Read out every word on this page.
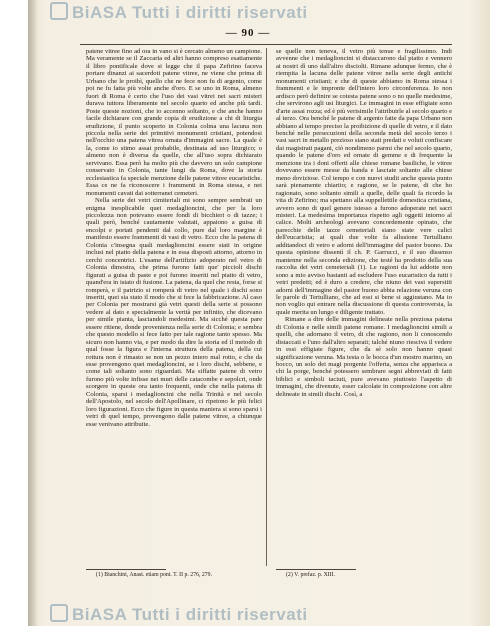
BiASA Tutti i diritti riservati
— 90 —

patene vitree fino ad ora in vano si è cercato almeno un campione. Ma veramente se il Zaccaria ed altri hanno compreso esattamente il libro pontificale dove si legge che il papa Zefirino faceva portare dinanzi ai sacerdoti patene vitree, ne viene che prima di Urbano che le proibì, quello che ne fece non fu di argento, come poi ne fu fatta più volte anche d'oro. E se uno in Roma, almeno fuori di Roma è certo che l'uso dei vasi vitrei nei sacri misteri durava tuttora liberamente nel secolo quarto ed anche più tardi. Poste queste nozioni, che io accenno soltanto, e che anche hanno facile dichiarare con grande copia di erudizione a chi di liturgia erudizione, il punto scoperto in Colonia colma una lacuna non piccola nella serie dei primitivi monumenti cristiani, potendosi nell'occhio una patena vitrea ornata d'immagini sacre. La quale è la, come io stimo assai probabile, destinata ad uso liturgico; o almeno non è diversa da quelle, che all'uso sopra dichiarato servivano. Essa però ha molto più che davvero un solo campione conservato in Colonia, tante lungi da Roma, dove la storia ecclesiastica fa speciale menzione delle patene vitree eucaristiche. Essa ce ne fa riconoscere i frammenti in Roma stessa, e nei monumenti cavati dai sotterranei cemeteri.

Nella serie dei vetri cimiteriali mi sono sempre sembrati un enigma inesplicabile quei medaglioncini, che per la loro piccolezza non potevano essere fondi di bicchieri o di tazze; i quali però, benché cautamente valutati, appaiono a guisa di encolpi e portati pendenti dal collo, pure dal loro margine è manifesto essere frammenti di vasi di vetro. Ecco che la patena di Colonia c'insegna quali medaglioncini essere stati in origine inclusi nel piatto della patena e in essa disposti attorno, attorno in cerchi concentrici. L'esame dell'artifizio adoperato nel vetro di Colonia dimostra, che prima furono fatti que' piccioli dischi figurati a guisa di paste e poi furono inseriti nel piatto di vetro, quand'era in istato di fusione. La patena, da quel che resta, forse si romperà, e il patrizio si romperà di vetro nel quale i dischi sono inseriti, quei sia stato il modo che si fece la fabbricazione. Al caso per Colonia per mostrarsi già vetri questi della serie si possono vedere al dato e specialmente la verità per infinito, che dicevano per simile pianta, lasciandoli medesimi. Ma sicché questa pare essere ritiene, donde provenienza nella serie di Colonia; e sembra che questo modello si fece fatto per tale ragione tanto spesso. Ma sicuro non hanno via, e per modo da dire la storia ed il metodo di qual fosse la figura e l'interna struttura della patena, della cui rottura non è rimasto se non un pezzo intero mal rotto, e che da esse provengono quei medaglioncini, se i loro dischi, sebbene, e come tali soltanto sono riguardati. Ma siffatte patene di vetro furono più volte infisse nei muri delle catacombe e sepolcri, onde scorgere in queste ora tanto frequenti, onde che nella patena di Colonia, sparsi i medaglioncini che nella Trinità e nel secolo dell'Apostolo, nel secolo dell'Apollinare, ci ripetono le più felici loro figurazioni. Ecco che figure in questa maniera si sono sparsi i vetri di quel tempo, provengono dalle patene vitree, a chiunque esse venivano attribuite.

se quelle non teneva, il vetro più tenue e fragilissimo. Indi avvenne che i medaglioncini si distaccarono dal piatto e vennero ai nostri dì uno dall'altro disciolti. Rimane adunque fermo, che è riempita la lacuna delle patene vitree nella serie degli antichi monumenti cristiani; e che di queste abbiamo in Roma stessa i frammenti e le impronte dell'intero loro circonferenza. Io non ardisco però definire se cotesta patene sono o no quelle medesime, che servirono agli usi liturgici. Le immagini in esse effigiate sono d'arte assai rozza; ed è più verisimile l'attribuirle al secolo quarto e al terzo. Ora benché le patene di argento fatte da papa Urbano non abbiano al tempo preciso la proibizione di quelle di vetro, e il dato benché nelle persecuzioni della seconda metà del secolo terzo i vasi sacri in metallo prezioso siano stati predati e voluti confiscare dai magistrati pagani, ciò nondimeno parmi che nel secolo quarto, quando le patene d'oro ed ornate di gemme e di frequente la menzione tra i doni offerti alle chiese romane basiliche, le vitree dovevano essere messe da banda e lasciate soltanto alle chiese meno doviziose. Col tempo e con nuovi studii anche questa punto sarà pienamente chiarito; e ragione, se le patene, di che ho ragionato, sono soltanto simili a quelle, delle quali fa ricordo la vita di Zefirino; ma spettano alla suppellettile domestica cristiana, avvero sono di quel genere istesso a furono adoperate nei sacri misteri. La medesima importanza rispetto agli oggetti intorno al calice. Molti archeologi avevano concordemente opinato, che parecchie delle tazze cemeteriali siano state vere calici dell'eucaristia; ai quali due volte fa allusione Tertulliano additandoci di vetro e adorni dell'immagine del pastor buono. Da questa opinione dissentì il ch. P. Garrucci, e il suo dissenso mantenne nella seconda edizione, che testé ha prodotto della sua raccolta dei vetri cemeteriali (1). Le ragioni da lui addotte non sono a mio avviso bastanti ad escludere l'uso eucaristico da tutti i vetri predetti; ed è duro a credere, che niuno dei vasi superstiti adorni dell'immagine del pastor buono abbia relazione veruna con le parole di Tertulliano, che ad essi si bene si aggiustano. Ma io non voglio qui entrare nella discussione di questa controversia, la quale merita un lungo e diligente trattato.

Rimane a dire delle immagini delineate nella preziosa patena di Colonia e nelle simili patene romane. I medaglioncini simili a quelli, che adornano il vetro, di che ragiono, non li conoscendo distaccati e l'uno dall'altro separati; talché niuno riesciva il vedere in essi effigiate figure, che da sè solo non hanno quasi significazione veruna. Ma testa o le bocca d'un mostro marino, un bocco, un solo dei magi porgente l'offerta, senza che apparisca a chi la porge, benché potessero sembrare segni abbreviati di fatti biblici e simboli taciuti, pure avevano piuttosto l'aspetto di immagini, che divenute, esser calcolate in composizione con altre delineate in simili dischi. Così, a

(1) Bianchini, Anast. etiam pont. T. II p. 276, 279.	(2) V. prefaz. p. XIII.
BiASA Tutti i diritti riservati
